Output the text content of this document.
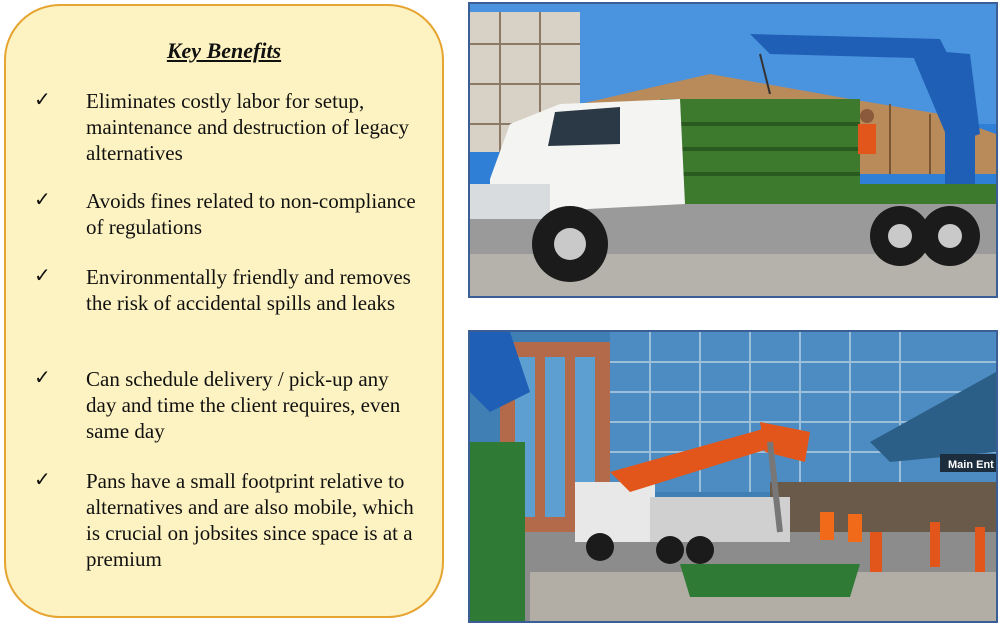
Key Benefits
✓ Eliminates costly labor for setup, maintenance and destruction of legacy alternatives
✓ Avoids fines related to non-compliance of regulations
✓ Environmentally friendly and removes the risk of accidental spills and leaks
✓ Can schedule delivery / pick-up any day and time the client requires, even same day
✓ Pans have a small footprint relative to alternatives and are also mobile, which is crucial on jobsites since space is at a premium
Main Ent
